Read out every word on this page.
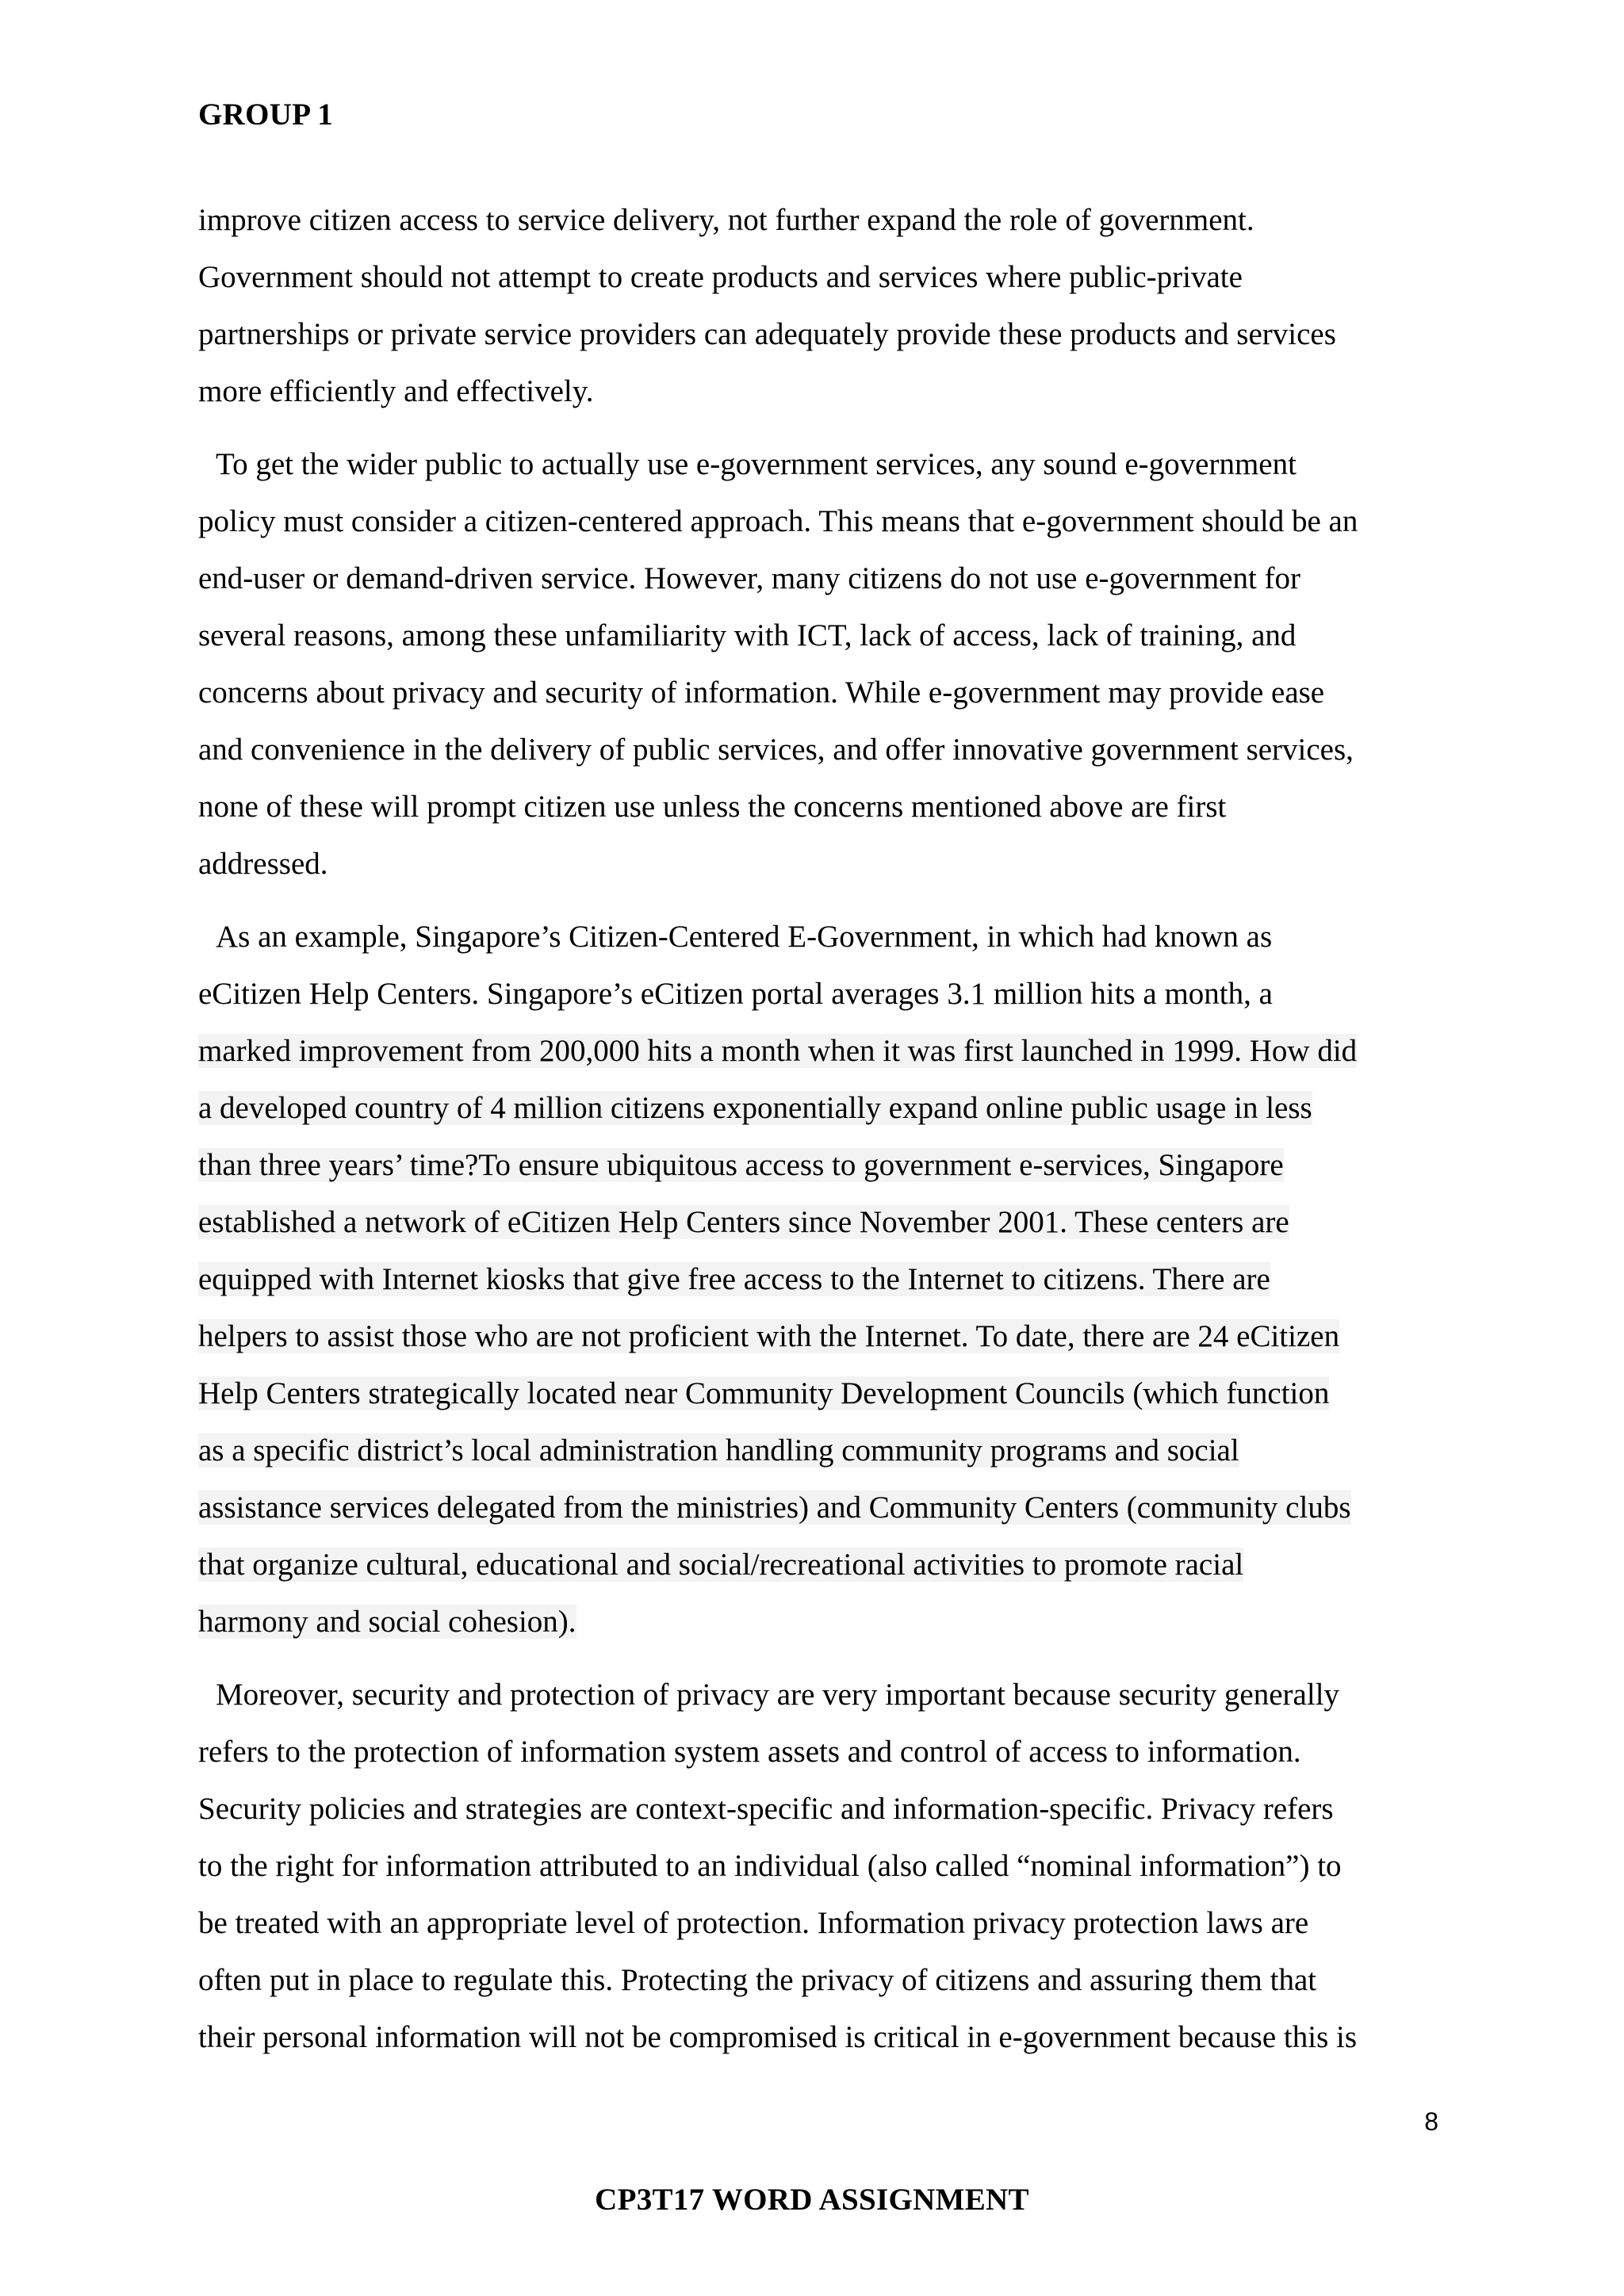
GROUP 1
improve citizen access to service delivery, not further expand the role of government.
Government should not attempt to create products and services where public-private
partnerships or private service providers can adequately provide these products and services
more efficiently and effectively.
To get the wider public to actually use e-government services, any sound e-government
policy must consider a citizen-centered approach. This means that e-government should be an
end-user or demand-driven service. However, many citizens do not use e-government for
several reasons, among these unfamiliarity with ICT, lack of access, lack of training, and
concerns about privacy and security of information. While e-government may provide ease
and convenience in the delivery of public services, and offer innovative government services,
none of these will prompt citizen use unless the concerns mentioned above are first
addressed.
As an example, Singapore’s Citizen-Centered E-Government, in which had known as
eCitizen Help Centers. Singapore’s eCitizen portal averages 3.1 million hits a month, a
marked improvement from 200,000 hits a month when it was first launched in 1999. How did
a developed country of 4 million citizens exponentially expand online public usage in less
than three years’ time?To ensure ubiquitous access to government e-services, Singapore
established a network of eCitizen Help Centers since November 2001. These centers are
equipped with Internet kiosks that give free access to the Internet to citizens. There are
helpers to assist those who are not proficient with the Internet. To date, there are 24 eCitizen
Help Centers strategically located near Community Development Councils (which function
as a specific district’s local administration handling community programs and social
assistance services delegated from the ministries) and Community Centers (community clubs
that organize cultural, educational and social/recreational activities to promote racial
harmony and social cohesion).
Moreover, security and protection of privacy are very important because security generally
refers to the protection of information system assets and control of access to information.
Security policies and strategies are context-specific and information-specific. Privacy refers
to the right for information attributed to an individual (also called “nominal information”) to
be treated with an appropriate level of protection. Information privacy protection laws are
often put in place to regulate this. Protecting the privacy of citizens and assuring them that
their personal information will not be compromised is critical in e-government because this is
8
CP3T17 WORD ASSIGNMENT
